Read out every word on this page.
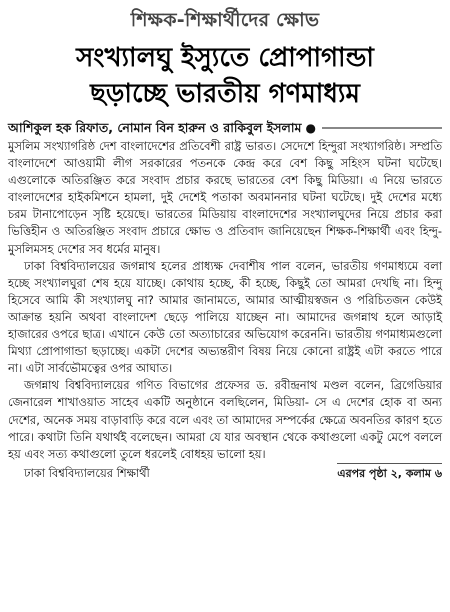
শিক্ষক-শিক্ষার্থীদের ক্ষোভ
সংখ্যালঘু ইস্যুতে প্রোপাগান্ডা
ছড়াচ্ছে ভারতীয় গণমাধ্যম
আশিকুল হক রিফাত, নোমান বিন হারুন ও রাকিবুল ইসলাম ●

মুসলিম সংখ্যাগরিষ্ঠ দেশ বাংলাদেশের প্রতিবেশী রাষ্ট্র ভারত। সেদেশে হিন্দুরা সংখ্যাগরিষ্ঠ। সম্প্রতি বাংলাদেশে আওয়ামী লীগ সরকারের পতনকে কেন্দ্র করে বেশ কিছু সহিংস ঘটনা ঘটেছে। এগুলোকে অতিরঞ্জিত করে সংবাদ প্রচার করছে ভারতের বেশ কিছু মিডিয়া। এ নিয়ে ভারতে বাংলাদেশের হাইকমিশনে হামলা, দুই দেশেই পতাকা অবমাননার ঘটনা ঘটেছে। দুই দেশের মধ্যে চরম টানাপোড়েন সৃষ্টি হয়েছে। ভারতের মিডিয়ায় বাংলাদেশের সংখ্যালঘুদের নিয়ে প্রচার করা ভিত্তিহীন ও অতিরঞ্জিত সংবাদ প্রচারে ক্ষোভ ও প্রতিবাদ জানিয়েছেন শিক্ষক-শিক্ষার্থী এবং হিন্দু-মুসলিমসহ দেশের সব ধর্মের মানুষ।

ঢাকা বিশ্ববিদ্যালয়ের জগন্নাথ হলের প্রাধ্যক্ষ দেবাশীষ পাল বলেন, ভারতীয় গণমাধ্যমে বলা হচ্ছে সংখ্যালঘুরা শেষ হয়ে যাচ্ছে। কোথায় হচ্ছে, কী হচ্ছে, কিছুই তো আমরা দেখছি না। হিন্দু হিসেবে আমি কী সংখ্যালঘু না? আমার জানামতে, আমার আত্মীয়স্বজন ও পরিচিতজন কেউই আক্রান্ত হয়নি অথবা বাংলাদেশ ছেড়ে পালিয়ে যাচ্ছেন না। আমাদের জগন্নাথ হলে আড়াই হাজারের ওপরে ছাত্র। এখানে কেউ তো অত্যাচারের অভিযোগ করেননি। ভারতীয় গণমাধ্যমগুলো মিথ্যা প্রোপাগান্ডা ছড়াচ্ছে। একটা দেশের অভ্যন্তরীণ বিষয় নিয়ে কোনো রাষ্ট্রই এটা করতে পারে না। এটা সার্বভৌমত্বের ওপর আঘাত।

জগন্নাথ বিশ্ববিদ্যালয়ের গণিত বিভাগের প্রফেসর ড. রবীন্দ্রনাথ মণ্ডল বলেন, ব্রিগেডিয়ার জেনারেল শাখাওয়াত সাহেব একটি অনুষ্ঠানে বলছিলেন, মিডিয়া- সে এ দেশের হোক বা অন্য দেশের, অনেক সময় বাড়াবাড়ি করে বলে এবং তা আমাদের সম্পর্কের ক্ষেত্রে অবনতির কারণ হতে পারে। কথাটা তিনি যথার্থই বলেছেন। আমরা যে যার অবস্থান থেকে কথাগুলো একটু মেপে বললে হয় এবং সত্য কথাগুলো তুলে ধরলেই বোধহয় ভালো হয়।

ঢাকা বিশ্ববিদ্যালয়ের শিক্ষার্থী	এরপর পৃষ্ঠা ২, কলাম ৬
